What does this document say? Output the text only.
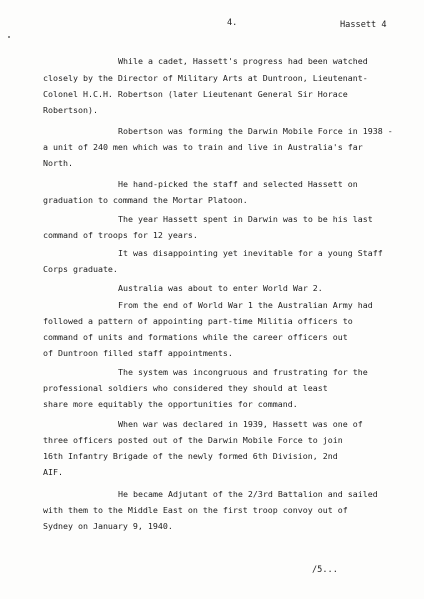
4.	Hassett 4
While a cadet, Hassett's progress had been watched
closely by the Director of Military Arts at Duntroon, Lieutenant-
Colonel H.C.H. Robertson (later Lieutenant General Sir Horace
Robertson).
Robertson was forming the Darwin Mobile Force in 1938 -
a unit of 240 men which was to train and live in Australia's far
North.
He hand-picked the staff and selected Hassett on
graduation to command the Mortar Platoon.
The year Hassett spent in Darwin was to be his last
command of troops for 12 years.
It was disappointing yet inevitable for a young Staff
Corps graduate.
Australia was about to enter World War 2.
From the end of World War 1 the Australian Army had
followed a pattern of appointing part-time Militia officers to
command of units and formations while the career officers out
of Duntroon filled staff appointments.
The system was incongruous and frustrating for the
professional soldiers who considered they should at least
share more equitably the opportunities for command.
When war was declared in 1939, Hassett was one of
three officers posted out of the Darwin Mobile Force to join
16th Infantry Brigade of the newly formed 6th Division, 2nd
AIF.
He became Adjutant of the 2/3rd Battalion and sailed
with them to the Middle East on the first troop convoy out of
Sydney on January 9, 1940.
/5...
